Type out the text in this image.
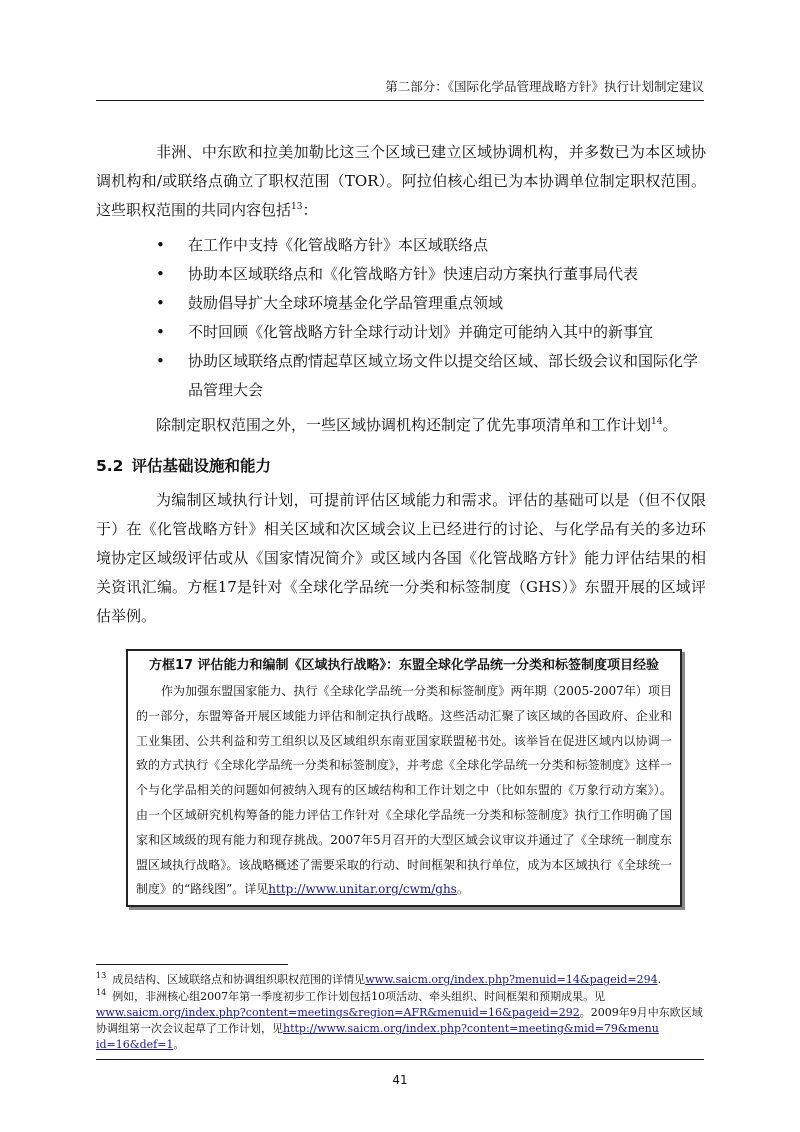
第二部分：《国际化学品管理战略方针》执行计划制定建议

非洲、中东欧和拉美加勒比这三个区域已建立区域协调机构，并多数已为本区域协调机构和/或联络点确立了职权范围（TOR）。阿拉伯核心组已为本协调单位制定职权范围。这些职权范围的共同内容包括$^{13}$：

• 在工作中支持《化管战略方针》本区域联络点
• 协助本区域联络点和《化管战略方针》快速启动方案执行董事局代表
• 鼓励倡导扩大全球环境基金化学品管理重点领域
• 不时回顾《化管战略方针全球行动计划》并确定可能纳入其中的新事宜
• 协助区域联络点酌情起草区域立场文件以提交给区域、部长级会议和国际化学品管理大会

除制定职权范围之外，一些区域协调机构还制定了优先事项清单和工作计划$^{14}$。

5.2 评估基础设施和能力

为编制区域执行计划，可提前评估区域能力和需求。评估的基础可以是（但不仅限于）在《化管战略方针》相关区域和次区域会议上已经进行的讨论、与化学品有关的多边环境协定区域级评估或从《国家情况简介》或区域内各国《化管战略方针》能力评估结果的相关资讯汇编。方框17是针对《全球化学品统一分类和标签制度（GHS）》东盟开展的区域评估举例。

方框17 评估能力和编制《区域执行战略》：东盟全球化学品统一分类和标签制度项目经验

作为加强东盟国家能力、执行《全球化学品统一分类和标签制度》两年期（2005-2007年）项目的一部分，东盟筹备开展区域能力评估和制定执行战略。这些活动汇聚了该区域的各国政府、企业和工业集团、公共利益和劳工组织以及区域组织东南亚国家联盟秘书处。该举旨在促进区域内以协调一致的方式执行《全球化学品统一分类和标签制度》，并考虑《全球化学品统一分类和标签制度》这样一个与化学品相关的问题如何被纳入现有的区域结构和工作计划之中（比如东盟的《万象行动方案》）。由一个区域研究机构筹备的能力评估工作针对《全球化学品统一分类和标签制度》执行工作明确了国家和区域级的现有能力和现存挑战。2007年5月召开的大型区域会议审议并通过了《全球统一制度东盟区域执行战略》。该战略概述了需要采取的行动、时间框架和执行单位，成为本区域执行《全球统一制度》的“路线图”。详见http://www.unitar.org/cwm/ghs。

$^{13}$ 成员结构、区域联络点和协调组织职权范围的详情见www.saicm.org/index.php?menuid=14&pageid=294.

$^{14}$ 例如，非洲核心组2007年第一季度初步工作计划包括10项活动、牵头组织、时间框架和预期成果。见www.saicm.org/index.php?content=meetings&region=AFR&menuid=16&pageid=292。2009年9月中东欧区域协调组第一次会议起草了工作计划，见http://www.saicm.org/index.php?content=meeting&mid=79&menu id=16&def=1。

41
